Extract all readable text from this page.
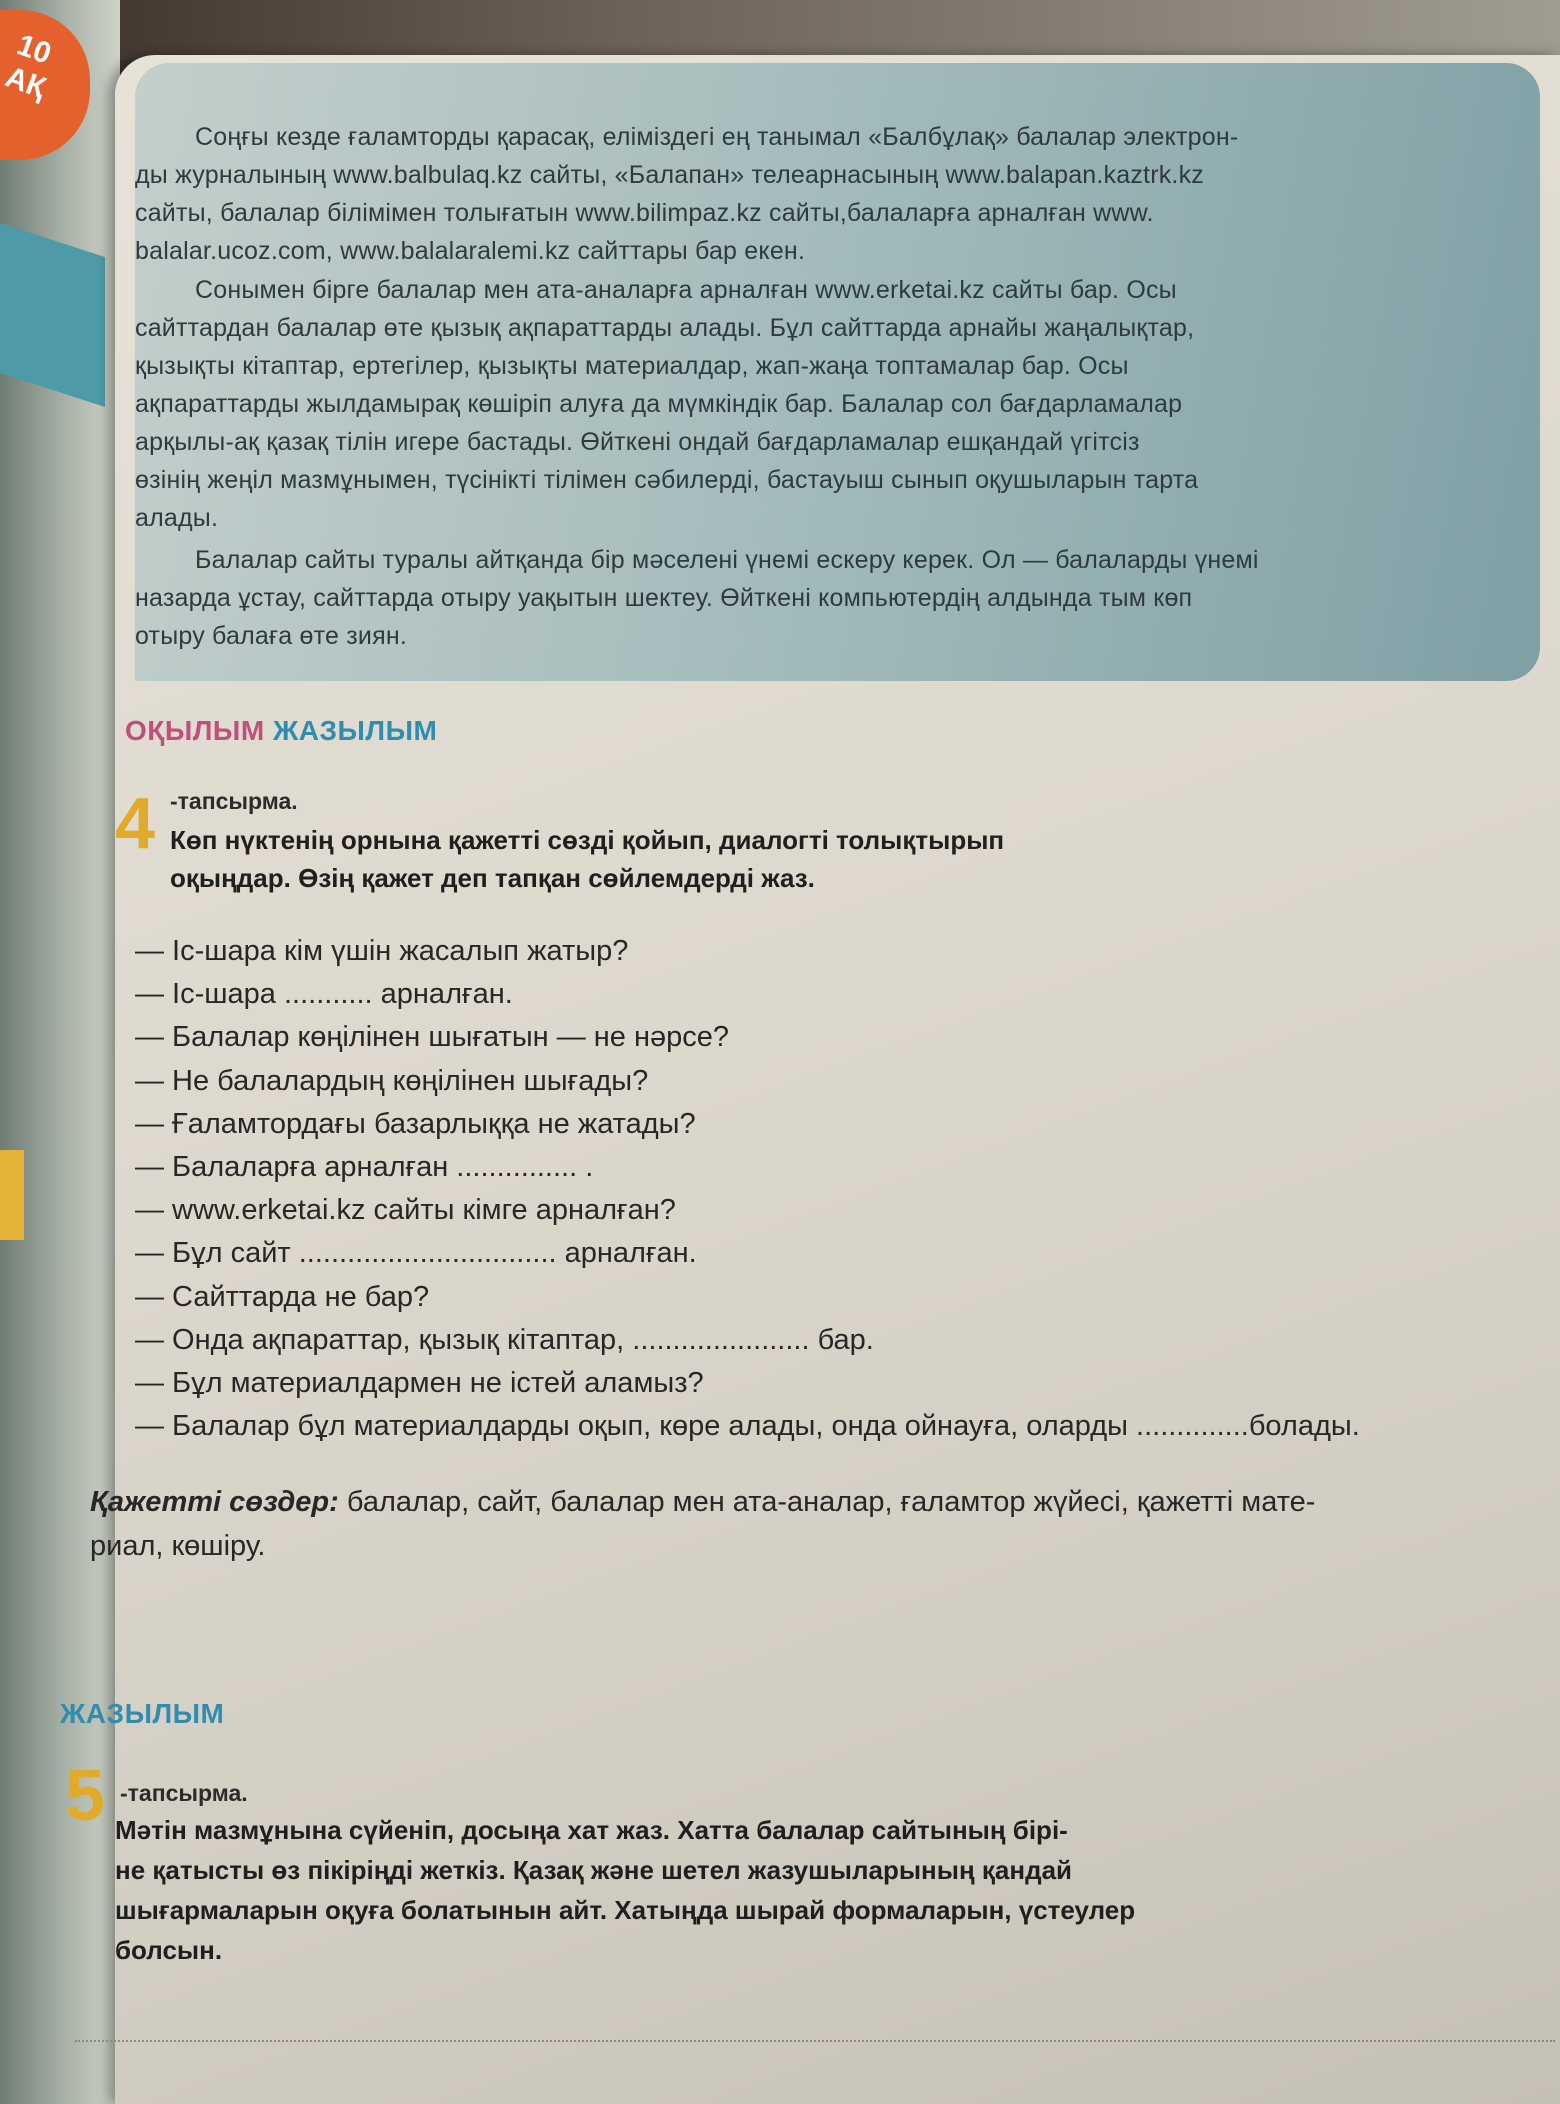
10 АҚ

Соңғы кезде ғаламторды қарасақ, еліміздегі ең танымал «Балбұлақ» балалар электрон-
ды журналының www.balbulaq.kz сайты, «Балапан» телеарнасының www.balapan.kaztrk.kz
сайты, балалар білімімен толығатын www.bilimpaz.kz сайты,балаларға арналған www.
balalar.ucoz.com, www.balalaralemi.kz сайттары бар екен.

Сонымен бірге балалар мен ата-аналарға арналған www.erketai.kz сайты бар. Осы
сайттардан балалар өте қызық ақпараттарды алады. Бұл сайттарда арнайы жаңалықтар,
қызықты кітаптар, ертегілер, қызықты материалдар, жап-жаңа топтамалар бар. Осы
ақпараттарды жылдамырақ көшіріп алуға да мүмкіндік бар. Балалар сол бағдарламалар
арқылы-ақ қазақ тілін игере бастады. Өйткені ондай бағдарламалар ешқандай үгітсіз
өзінің жеңіл мазмұнымен, түсінікті тілімен сәбилерді, бастауыш сынып оқушыларын тарта
алады.

Балалар сайты туралы айтқанда бір мәселені үнемі ескеру керек. Ол — балаларды үнемі
назарда ұстау, сайттарда отыру уақытын шектеу. Өйткені компьютердің алдында тым көп
отыру балаға өте зиян.

ОҚЫЛЫМ ЖАЗЫЛЫМ
4 -тапсырма.
Көп нүктенің орнына қажетті сөзді қойып, диалогті толықтырып
оқыңдар. Өзің қажет деп тапқан сөйлемдерді жаз.
— Іс-шара кім үшін жасалып жатыр?
— Іс-шара ........... арналған.
— Балалар көңілінен шығатын — не нәрсе?
— Не балалардың көңілінен шығады?
— Ғаламтордағы базарлыққа не жатады?
— Балаларға арналған ............... .
— www.erketai.kz сайты кімге арналған?
— Бұл сайт ................................ арналған.
— Сайттарда не бар?
— Онда ақпараттар, қызық кітаптар, ...................... бар.
— Бұл материалдармен не істей аламыз?
— Балалар бұл материалдарды оқып, көре алады, онда ойнауға, оларды ..............болады.
Қажетті сөздер: балалар, сайт, балалар мен ата-аналар, ғаламтор жүйесі, қажетті мате-
риал, көшіру.
ЖАЗЫЛЫМ
5 -тапсырма.
Мәтін мазмұнына сүйеніп, досыңа хат жаз. Хатта балалар сайтының бірі-
не қатысты өз пікіріңді жеткіз. Қазақ және шетел жазушыларының қандай
шығармаларын оқуға болатынын айт. Хатыңда шырай формаларын, үстеулер
болсын.
